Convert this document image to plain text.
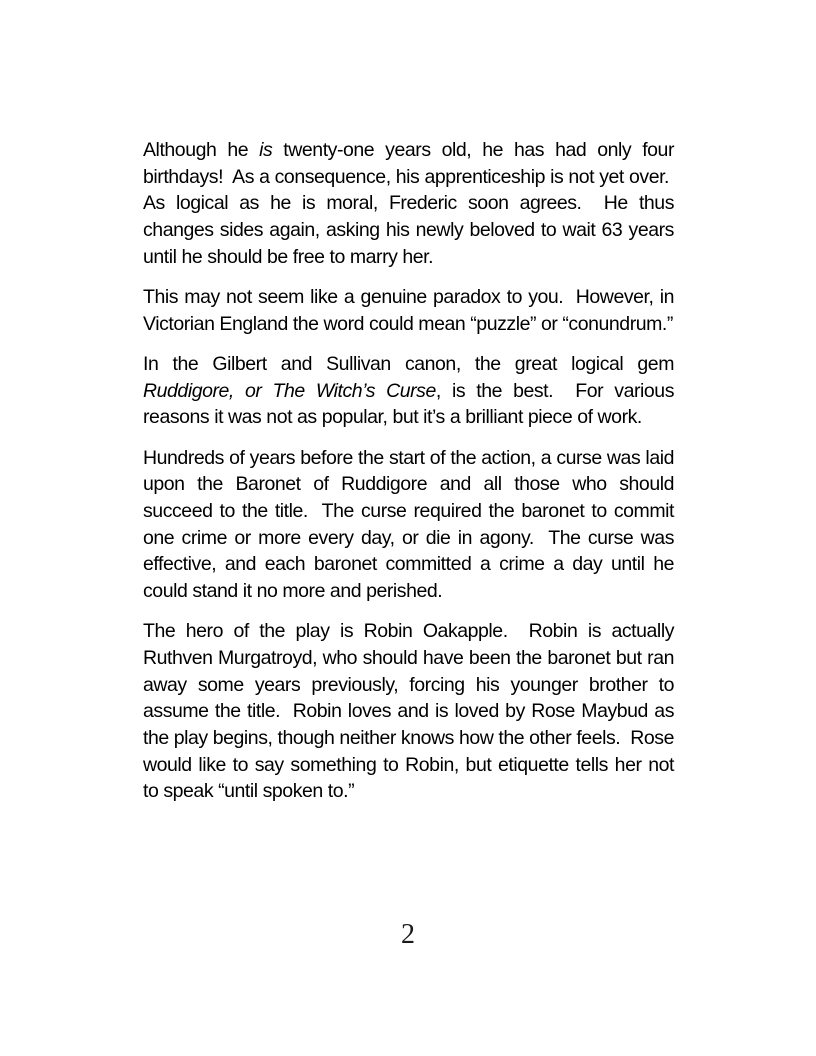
Although he is twenty-one years old, he has had only four birthdays!  As a consequence, his apprenticeship is not yet over.  As logical as he is moral, Frederic soon agrees.  He thus changes sides again, asking his newly beloved to wait 63 years until he should be free to marry her.

This may not seem like a genuine paradox to you.  However, in Victorian England the word could mean “puzzle” or “conundrum.”

In the Gilbert and Sullivan canon, the great logical gem Ruddigore, or The Witch’s Curse, is the best.  For various reasons it was not as popular, but it’s a brilliant piece of work.

Hundreds of years before the start of the action, a curse was laid upon the Baronet of Ruddigore and all those who should succeed to the title.  The curse required the baronet to commit one crime or more every day, or die in agony.  The curse was effective, and each baronet committed a crime a day until he could stand it no more and perished.

The hero of the play is Robin Oakapple.  Robin is actually Ruthven Murgatroyd, who should have been the baronet but ran away some years previously, forcing his younger brother to assume the title.  Robin loves and is loved by Rose Maybud as the play begins, though neither knows how the other feels.  Rose would like to say something to Robin, but etiquette tells her not to speak “until spoken to.”

2
